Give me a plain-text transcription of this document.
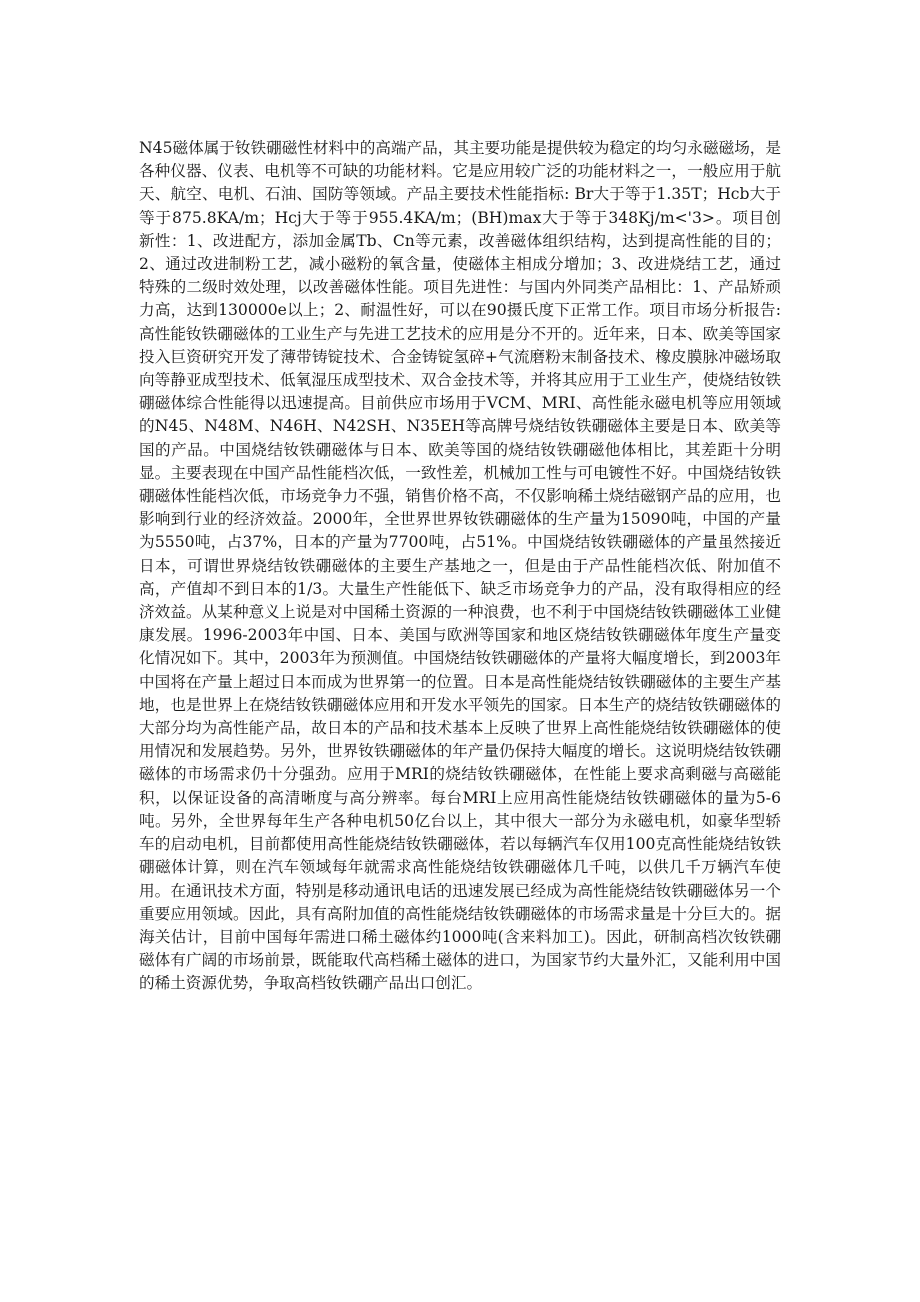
N45磁体属于钕铁硼磁性材料中的高端产品，其主要功能是提供较为稳定的均匀永磁磁场，是各种仪器、仪表、电机等不可缺的功能材料。它是应用较广泛的功能材料之一，一般应用于航天、航空、电机、石油、国防等领域。产品主要技术性能指标: Br大于等于1.35T；Hcb大于等于875.8KA/m；Hcj大于等于955.4KA/m；(BH)max大于等于348Kj/m<'3>。项目创新性：1、改进配方，添加金属Tb、Cn等元素，改善磁体组织结构，达到提高性能的目的；2、通过改进制粉工艺，减小磁粉的氧含量，使磁体主相成分增加；3、改进烧结工艺，通过特殊的二级时效处理，以改善磁体性能。项目先进性：与国内外同类产品相比：1、产品矫顽力高，达到130000e以上；2、耐温性好，可以在90摄氏度下正常工作。项目市场分析报告: 高性能钕铁硼磁体的工业生产与先进工艺技术的应用是分不开的。近年来，日本、欧美等国家投入巨资研究开发了薄带铸锭技术、合金铸锭氢碎+气流磨粉末制备技术、橡皮膜脉冲磁场取向等静亚成型技术、低氧湿压成型技术、双合金技术等，并将其应用于工业生产，使烧结钕铁硼磁体综合性能得以迅速提高。目前供应市场用于VCM、MRI、高性能永磁电机等应用领域的N45、N48M、N46H、N42SH、N35EH等高牌号烧结钕铁硼磁体主要是日本、欧美等国的产品。中国烧结钕铁硼磁体与日本、欧美等国的烧结钕铁硼磁他体相比，其差距十分明显。主要表现在中国产品性能档次低，一致性差，机械加工性与可电镀性不好。中国烧结钕铁硼磁体性能档次低，市场竞争力不强，销售价格不高，不仅影响稀土烧结磁钢产品的应用，也影响到行业的经济效益。2000年，全世界世界钕铁硼磁体的生产量为15090吨，中国的产量为5550吨，占37%，日本的产量为7700吨，占51%。中国烧结钕铁硼磁体的产量虽然接近日本，可谓世界烧结钕铁硼磁体的主要生产基地之一，但是由于产品性能档次低、附加值不高，产值却不到日本的1/3。大量生产性能低下、缺乏市场竞争力的产品，没有取得相应的经济效益。从某种意义上说是对中国稀土资源的一种浪费，也不利于中国烧结钕铁硼磁体工业健康发展。1996-2003年中国、日本、美国与欧洲等国家和地区烧结钕铁硼磁体年度生产量变化情况如下。其中，2003年为预测值。中国烧结钕铁硼磁体的产量将大幅度增长，到2003年中国将在产量上超过日本而成为世界第一的位置。日本是高性能烧结钕铁硼磁体的主要生产基地，也是世界上在烧结钕铁硼磁体应用和开发水平领先的国家。日本生产的烧结钕铁硼磁体的大部分均为高性能产品，故日本的产品和技术基本上反映了世界上高性能烧结钕铁硼磁体的使用情况和发展趋势。另外，世界钕铁硼磁体的年产量仍保持大幅度的增长。这说明烧结钕铁硼磁体的市场需求仍十分强劲。应用于MRI的烧结钕铁硼磁体，在性能上要求高剩磁与高磁能积，以保证设备的高清晰度与高分辨率。每台MRI上应用高性能烧结钕铁硼磁体的量为5-6吨。另外，全世界每年生产各种电机50亿台以上，其中很大一部分为永磁电机，如豪华型轿车的启动电机，目前都使用高性能烧结钕铁硼磁体，若以每辆汽车仅用100克高性能烧结钕铁硼磁体计算，则在汽车领域每年就需求高性能烧结钕铁硼磁体几千吨，以供几千万辆汽车使用。在通讯技术方面，特别是移动通讯电话的迅速发展已经成为高性能烧结钕铁硼磁体另一个重要应用领域。因此，具有高附加值的高性能烧结钕铁硼磁体的市场需求量是十分巨大的。据海关估计，目前中国每年需进口稀土磁体约1000吨(含来料加工)。因此，研制高档次钕铁硼磁体有广阔的市场前景，既能取代高档稀土磁体的进口，为国家节约大量外汇，又能利用中国的稀土资源优势，争取高档钕铁硼产品出口创汇。
